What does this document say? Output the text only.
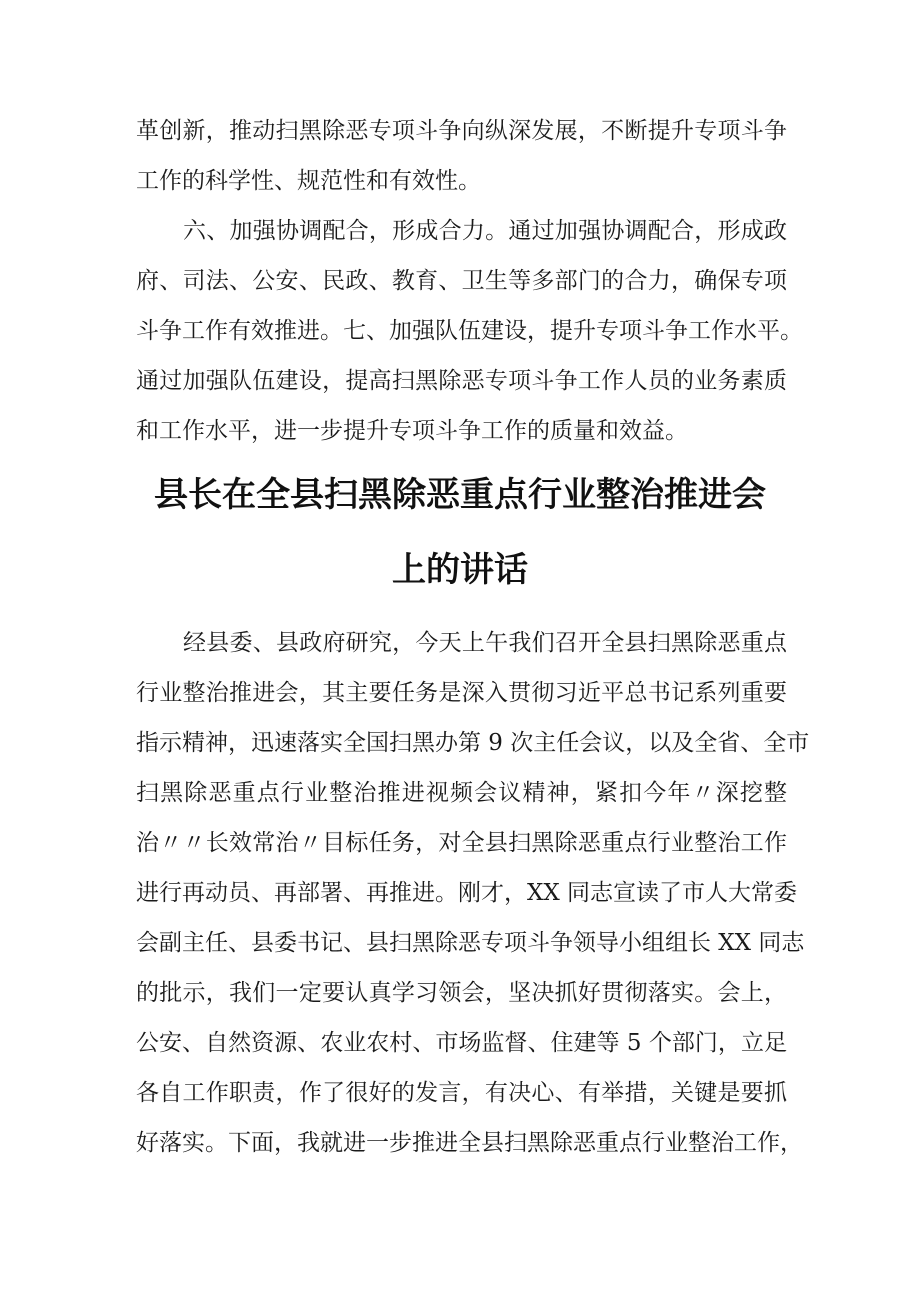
革创新，推动扫黑除恶专项斗争向纵深发展，不断提升专项斗争
工作的科学性、规范性和有效性。
六、加强协调配合，形成合力。通过加强协调配合，形成政
府、司法、公安、民政、教育、卫生等多部门的合力，确保专项
斗争工作有效推进。七、加强队伍建设，提升专项斗争工作水平。
通过加强队伍建设，提高扫黑除恶专项斗争工作人员的业务素质
和工作水平，进一步提升专项斗争工作的质量和效益。
县长在全县扫黑除恶重点行业整治推进会
上的讲话
经县委、县政府研究，今天上午我们召开全县扫黑除恶重点
行业整治推进会，其主要任务是深入贯彻习近平总书记系列重要
指示精神，迅速落实全国扫黑办第 9 次主任会议，以及全省、全市
扫黑除恶重点行业整治推进视频会议精神，紧扣今年〃深挖整
治〃〃长效常治〃目标任务，对全县扫黑除恶重点行业整治工作
进行再动员、再部署、再推进。刚才，XX 同志宣读了市人大常委
会副主任、县委书记、县扫黑除恶专项斗争领导小组组长 XX 同志
的批示，我们一定要认真学习领会，坚决抓好贯彻落实。会上，
公安、自然资源、农业农村、市场监督、住建等 5 个部门，立足
各自工作职责，作了很好的发言，有决心、有举措，关键是要抓
好落实。下面，我就进一步推进全县扫黑除恶重点行业整治工作，
